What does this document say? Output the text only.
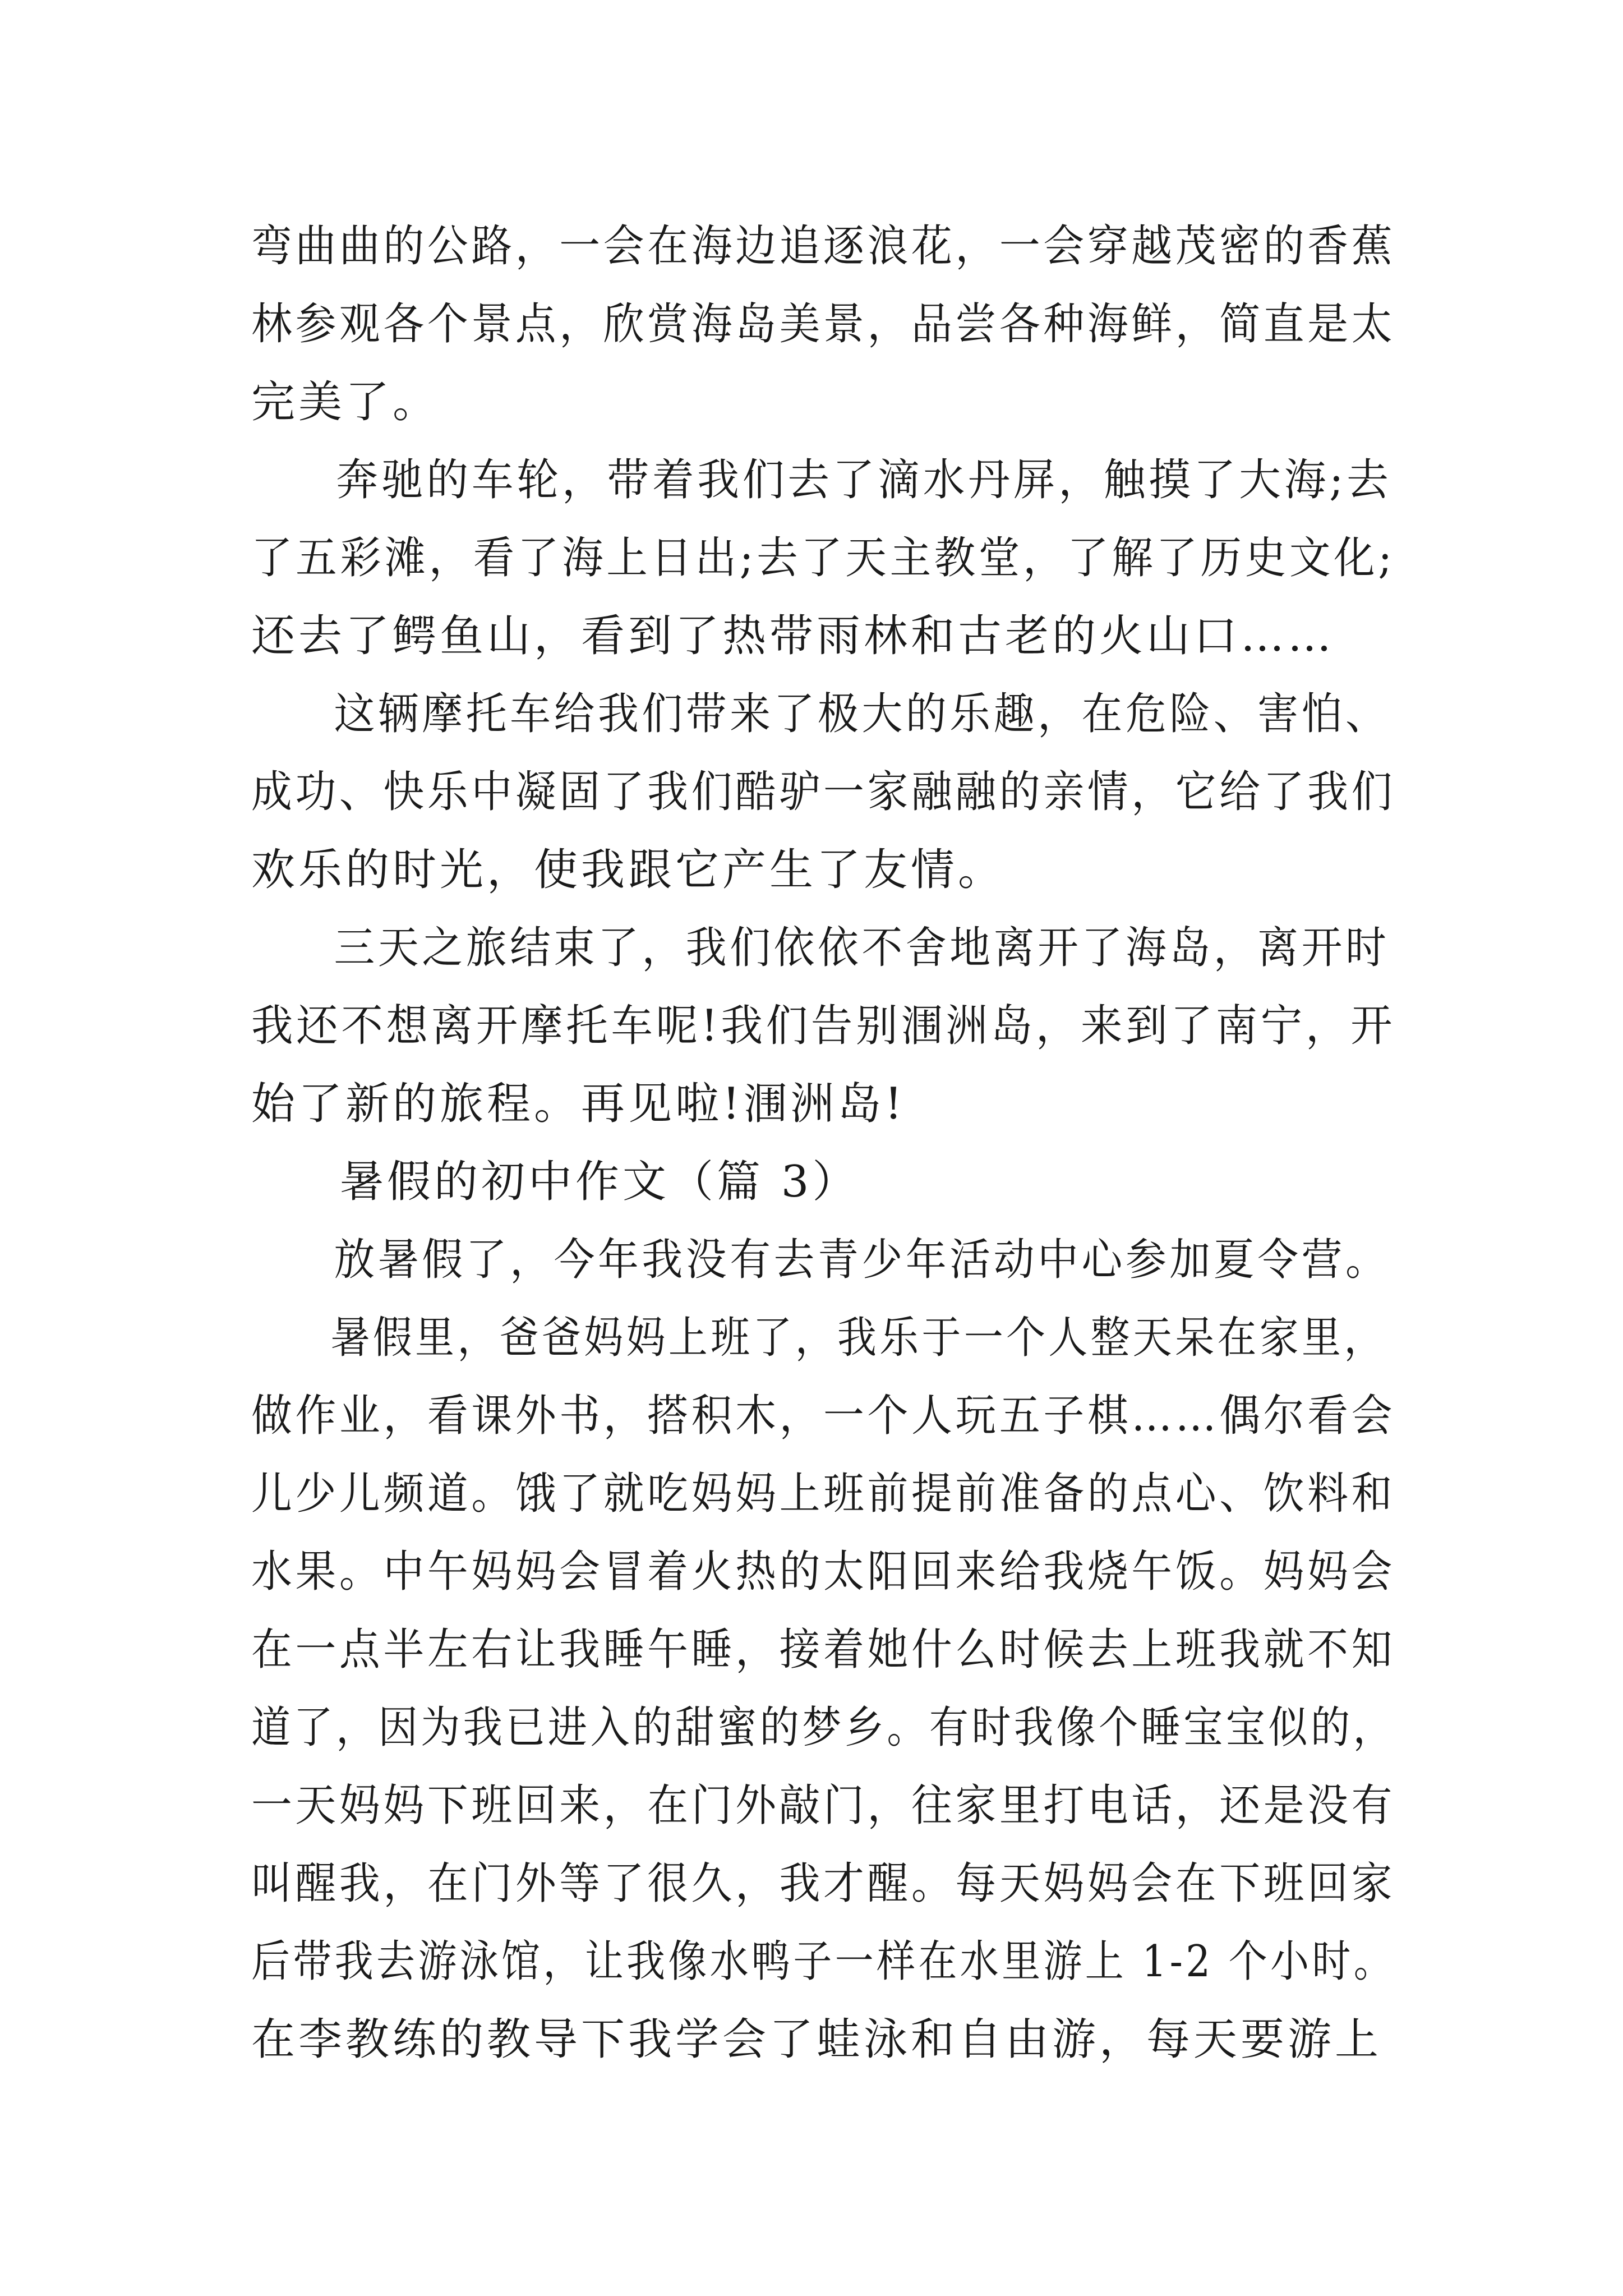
弯曲曲的公路，一会在海边追逐浪花，一会穿越茂密的香蕉
林参观各个景点，欣赏海岛美景，品尝各种海鲜，简直是太
完美了。
奔驰的车轮，带着我们去了滴水丹屏，触摸了大海;去
了五彩滩，看了海上日出;去了天主教堂，了解了历史文化;
还去了鳄鱼山，看到了热带雨林和古老的火山口……
这辆摩托车给我们带来了极大的乐趣，在危险、害怕、
成功、快乐中凝固了我们酷驴一家融融的亲情，它给了我们
欢乐的时光，使我跟它产生了友情。
三天之旅结束了，我们依依不舍地离开了海岛，离开时
我还不想离开摩托车呢!我们告别涠洲岛，来到了南宁，开
始了新的旅程。再见啦!涠洲岛!
暑假的初中作文（篇 3）
放暑假了，今年我没有去青少年活动中心参加夏令营。
暑假里，爸爸妈妈上班了，我乐于一个人整天呆在家里，
做作业，看课外书，搭积木，一个人玩五子棋……偶尔看会
儿少儿频道。饿了就吃妈妈上班前提前准备的点心、饮料和
水果。中午妈妈会冒着火热的太阳回来给我烧午饭。妈妈会
在一点半左右让我睡午睡，接着她什么时候去上班我就不知
道了，因为我已进入的甜蜜的梦乡。有时我像个睡宝宝似的，
一天妈妈下班回来，在门外敲门，往家里打电话，还是没有
叫醒我，在门外等了很久，我才醒。每天妈妈会在下班回家
后带我去游泳馆，让我像水鸭子一样在水里游上 1-2 个小时。
在李教练的教导下我学会了蛙泳和自由游，每天要游上
